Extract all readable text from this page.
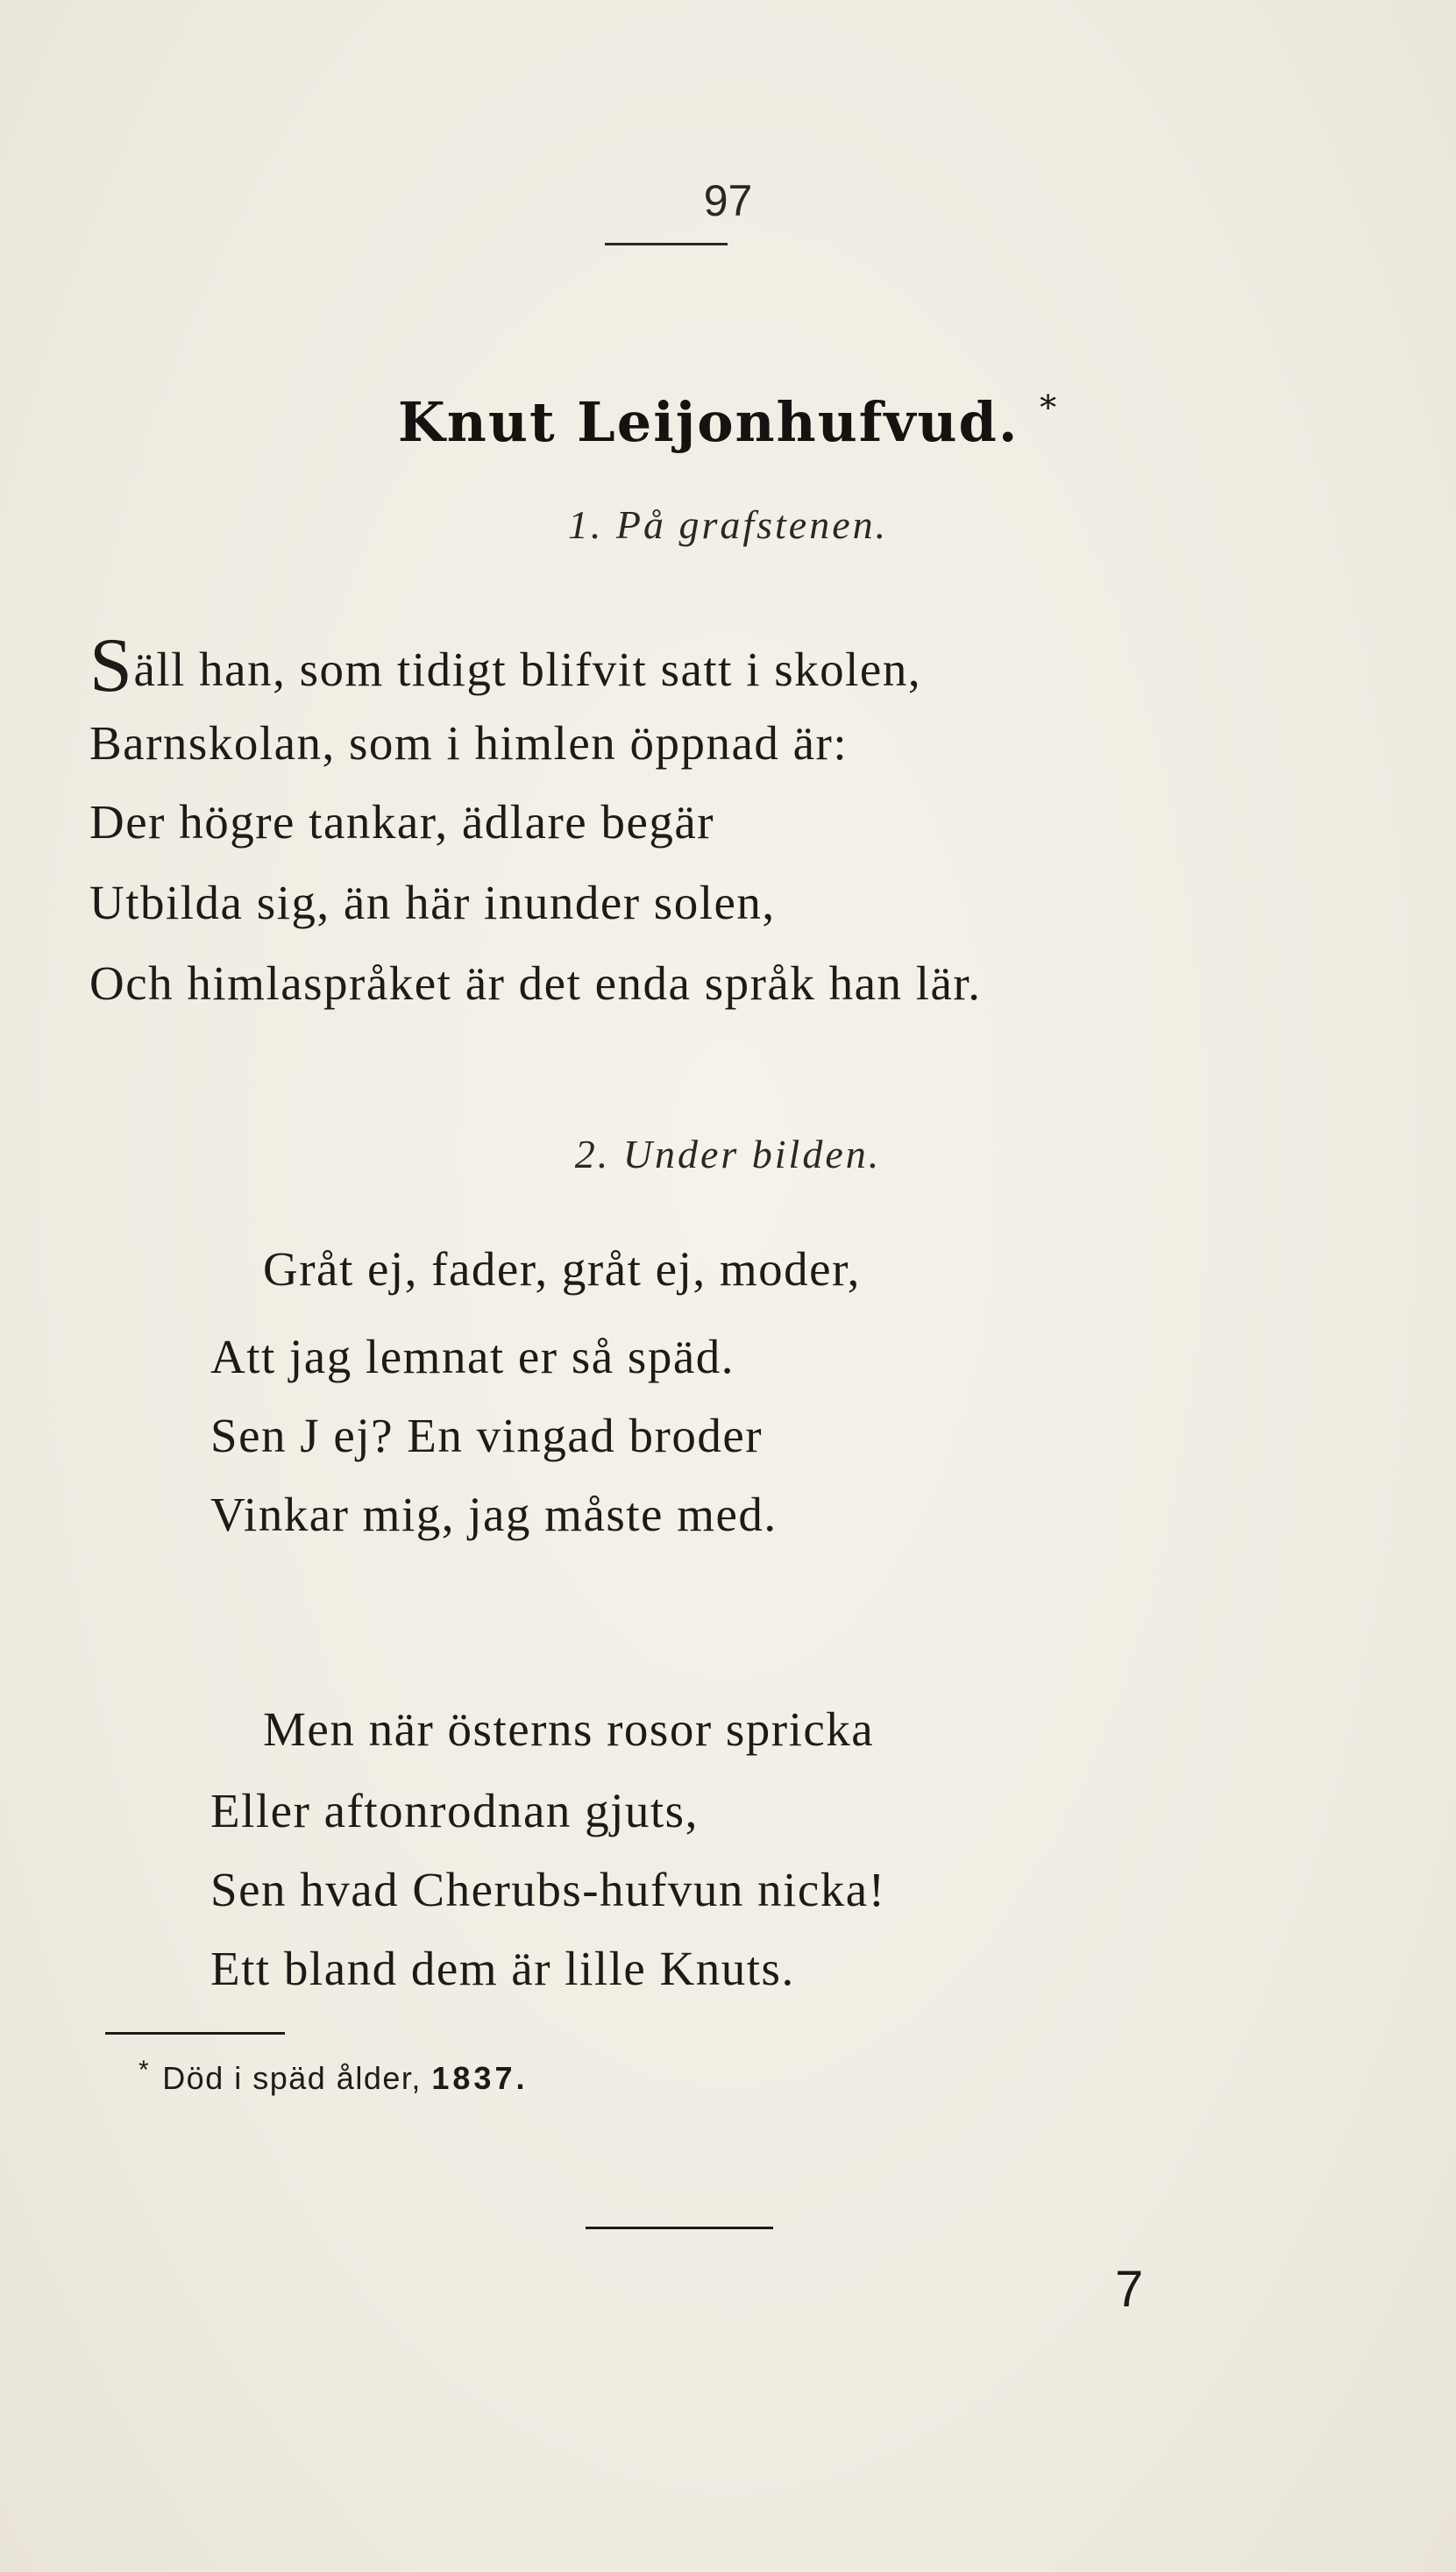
97
Knut Leijonhufvud. *
1. På grafstenen.
Säll han, som tidigt blifvit satt i skolen,
Barnskolan, som i himlen öppnad är:
Der högre tankar, ädlare begär
Utbilda sig, än här inunder solen,
Och himlaspråket är det enda språk han lär.
2. Under bilden.
Gråt ej, fader, gråt ej, moder,
Att jag lemnat er så späd.
Sen J ej? En vingad broder
Vinkar mig, jag måste med.
Men när österns rosor spricka
Eller aftonrodnan gjuts,
Sen hvad Cherubs-hufvun nicka!
Ett bland dem är lille Knuts.
* Död i späd ålder, 1837.
7
